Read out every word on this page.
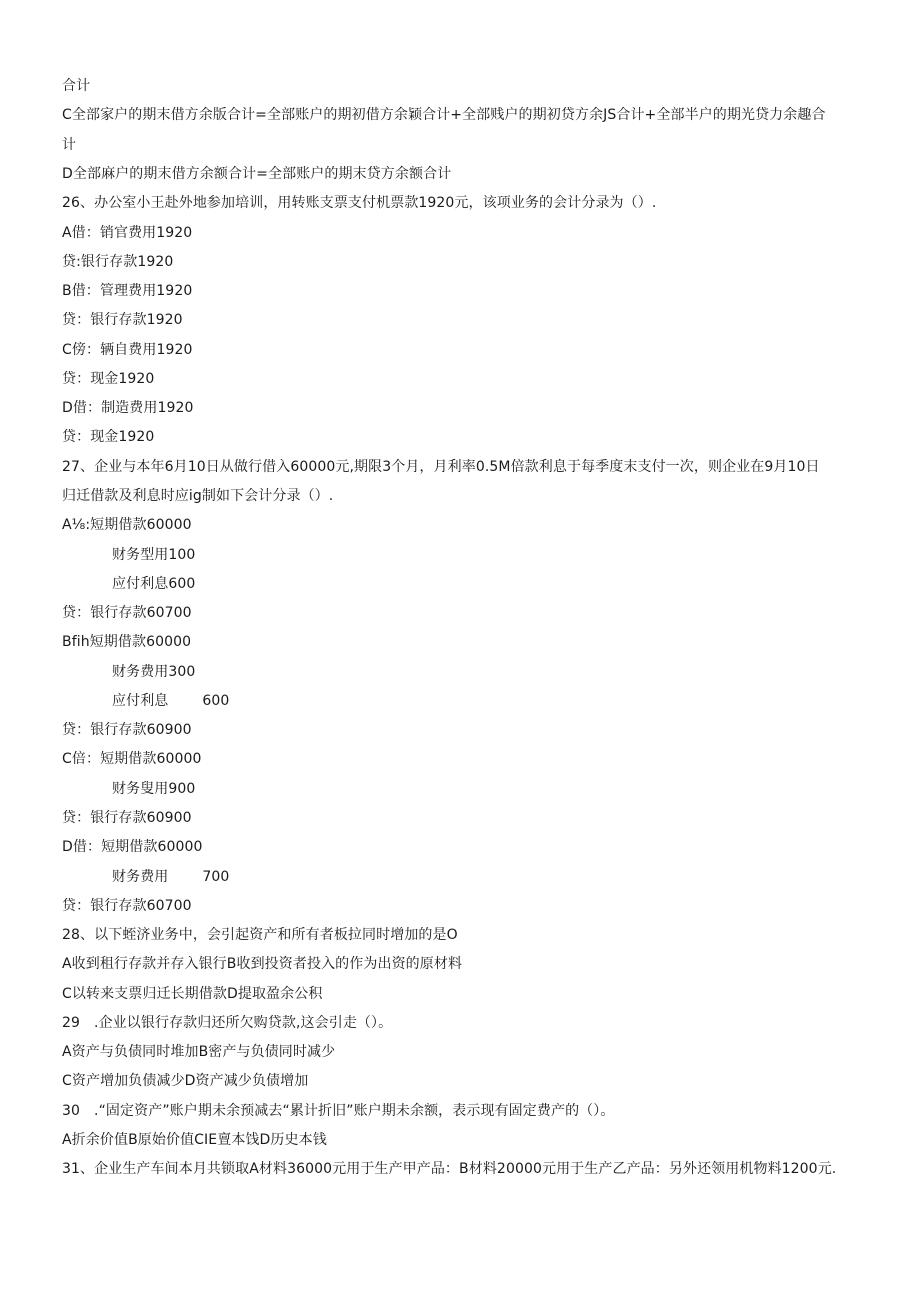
合计

C全部家户的期末借方余版合计=全部账户的期初借方余颖合计+全部贱户的期初贷方余JS合计+全部半户的期光贷力余趣合

计

D全部麻户的期末借方余额合计=全部账户的期末贷方余额合计

26、办公室小王赴外地参加培训，用转账支票支付机票款1920元，该项业务的会计分录为（）.

A借：销官费用1920

贷:银行存款1920

B借：管理费用1920

贷：银行存款1920

C傍：辆自费用1920

贷：现金1920

D借：制造费用1920

贷：现金1920

27、企业与本年6月10日从做行借入60000元,期限3个月，月利率0.5M倍款利息于每季度末支付一次，则企业在9月10日

归迁借款及利息时应ig制如下会计分录（）.

A⅛:短期借款60000

财务型用100

应付利息600

贷：银行存款60700

Bfih短期借款60000

财务费用300

应付利息 600

贷：银行存款60900

C倍：短期借款60000

财务叟用900

贷：银行存款60900

D借：短期借款60000

财务费用 700

贷：银行存款60700

28、以下蛭济业务中，会引起资产和所有者板拉同时增加的是O

A收到租行存款并存入银行B收到投资者投入的作为出资的原材料

C以转来支票归迁长期借款D提取盈余公积

29 .企业以银行存款归还所欠购贷款,这会引走（）。

A资产与负债同时堆加B密产与负债同时减少

C资产增加负债减少D资产减少负债增加

30 .“固定资产”账户期未余预减去“累计折旧”账户期未余额，表示现有固定费产的（）。

A折余价值B原始价值CIE亶本饯D历史本钱

31、企业生产车间本月共锁取A材料36000元用于生产甲产品：B材料20000元用于生产乙产品：另外还领用机物料1200元.
